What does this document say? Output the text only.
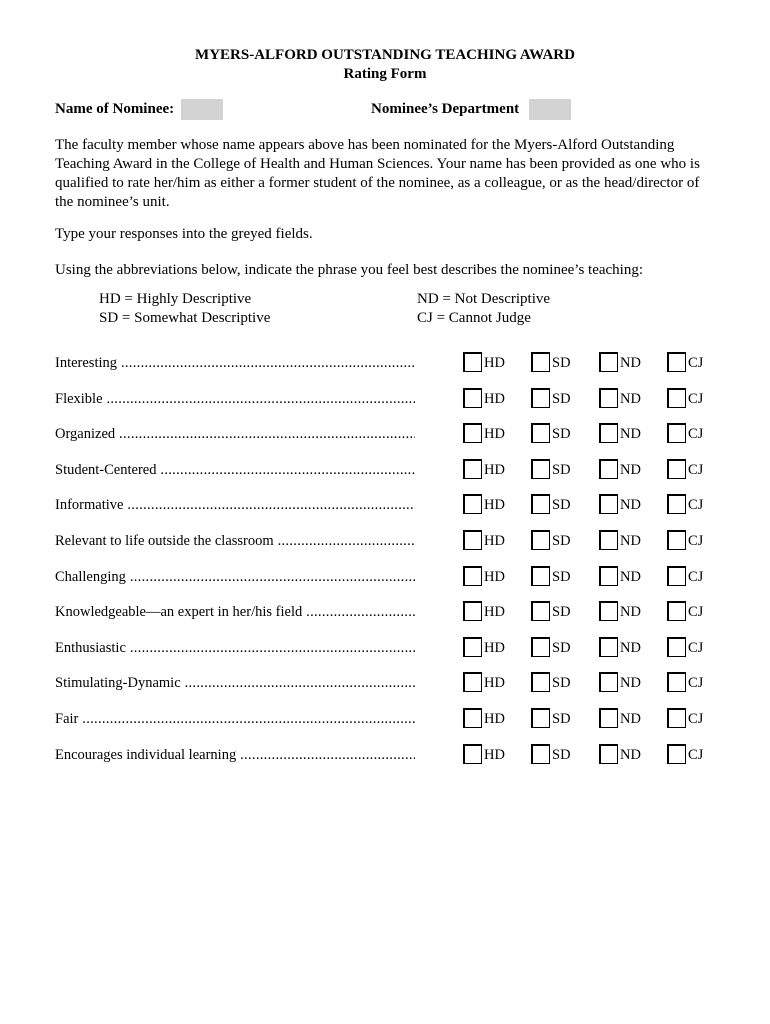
MYERS-ALFORD OUTSTANDING TEACHING AWARD
Rating Form
Name of Nominee:	Nominee’s Department
The faculty member whose name appears above has been nominated for the Myers-Alford Outstanding Teaching Award in the College of Health and Human Sciences. Your name has been provided as one who is qualified to rate her/him as either a former student of the nominee, as a colleague, or as the head/director of the nominee’s unit.
Type your responses into the greyed fields.
Using the abbreviations below, indicate the phrase you feel best describes the nominee’s teaching:
HD = Highly Descriptive
SD = Somewhat Descriptive
ND = Not Descriptive
CJ = Cannot Judge
Interesting .....	HD	SD	ND	CJ
Flexible .....	HD	SD	ND	CJ
Organized .....	HD	SD	ND	CJ
Student-Centered .....	HD	SD	ND	CJ
Informative .....	HD	SD	ND	CJ
Relevant to life outside the classroom .....	HD	SD	ND	CJ
Challenging .....	HD	SD	ND	CJ
Knowledgeable—an expert in her/his field .....	HD	SD	ND	CJ
Enthusiastic .....	HD	SD	ND	CJ
Stimulating-Dynamic .....	HD	SD	ND	CJ
Fair .....	HD	SD	ND	CJ
Encourages individual learning .....	HD	SD	ND	CJ
